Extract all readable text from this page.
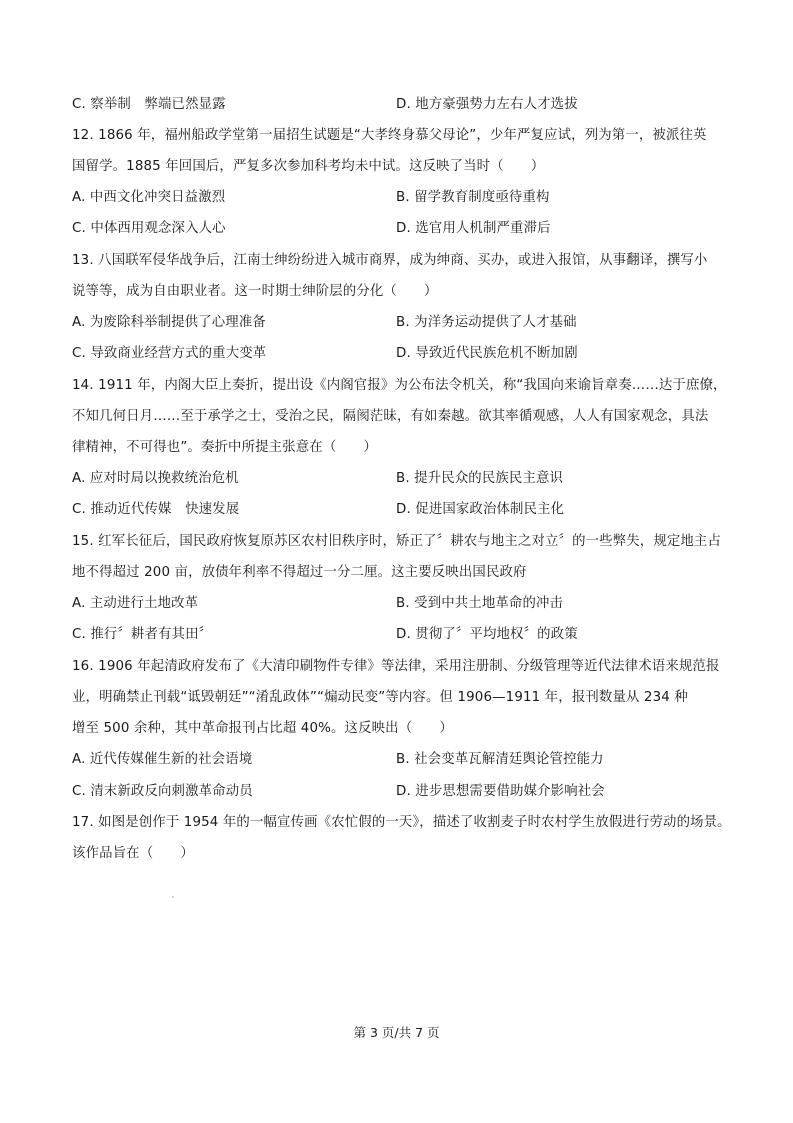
C. 察举制　弊端已然显露	D. 地方豪强势力左右人才选拔
12. 1866 年，福州船政学堂第一届招生试题是“大孝终身慕父母论”，少年严复应试，列为第一，被派往英
国留学。1885 年回国后，严复多次参加科考均未中试。这反映了当时（　　）
A. 中西文化冲突日益激烈	B. 留学教育制度亟待重构
C. 中体西用观念深入人心	D. 选官用人机制严重滞后
13. 八国联军侵华战争后，江南士绅纷纷进入城市商界，成为绅商、买办，或进入报馆，从事翻译，撰写小
说等等，成为自由职业者。这一时期士绅阶层的分化（　　）
A. 为废除科举制提供了心理准备	B. 为洋务运动提供了人才基础
C. 导致商业经营方式的重大变革	D. 导致近代民族危机不断加剧
14. 1911 年，内阁大臣上奏折，提出设《内阁官报》为公布法令机关，称“我国向来谕旨章奏……达于庶僚，
不知几何日月……至于承学之士，受治之民，隔阂茫昧，有如秦越。欲其率循观感，人人有国家观念，具法
律精神，不可得也”。奏折中所提主张意在（　　）
A. 应对时局以挽救统治危机	B. 提升民众的民族民主意识
C. 推动近代传媒　快速发展	D. 促进国家政治体制民主化
15. 红军长征后，国民政府恢复原苏区农村旧秩序时，矫正了〞耕农与地主之对立〞的一些弊失，规定地主占
地不得超过 200 亩，放债年利率不得超过一分二厘。这主要反映出国民政府
A. 主动进行土地改革	B. 受到中共土地革命的冲击
C. 推行〞耕者有其田〞	D. 贯彻了〞平均地权〞的政策
16. 1906 年起清政府发布了《大清印刷物件专律》等法律，采用注册制、分级管理等近代法律术语来规范报
业，明确禁止刊载“诋毁朝廷”“淆乱政体”“煽动民变”等内容。但 1906—1911 年，报刊数量从 234 种
增至 500 余种，其中革命报刊占比超 40%。这反映出（　　）
A. 近代传媒催生新的社会语境	B. 社会变革瓦解清廷舆论管控能力
C. 清末新政反向刺激革命动员	D. 进步思想需要借助媒介影响社会
17. 如图是创作于 1954 年的一幅宣传画《农忙假的一天》，描述了收割麦子时农村学生放假进行劳动的场景。
该作品旨在（　　）
第 3 页/共 7 页
